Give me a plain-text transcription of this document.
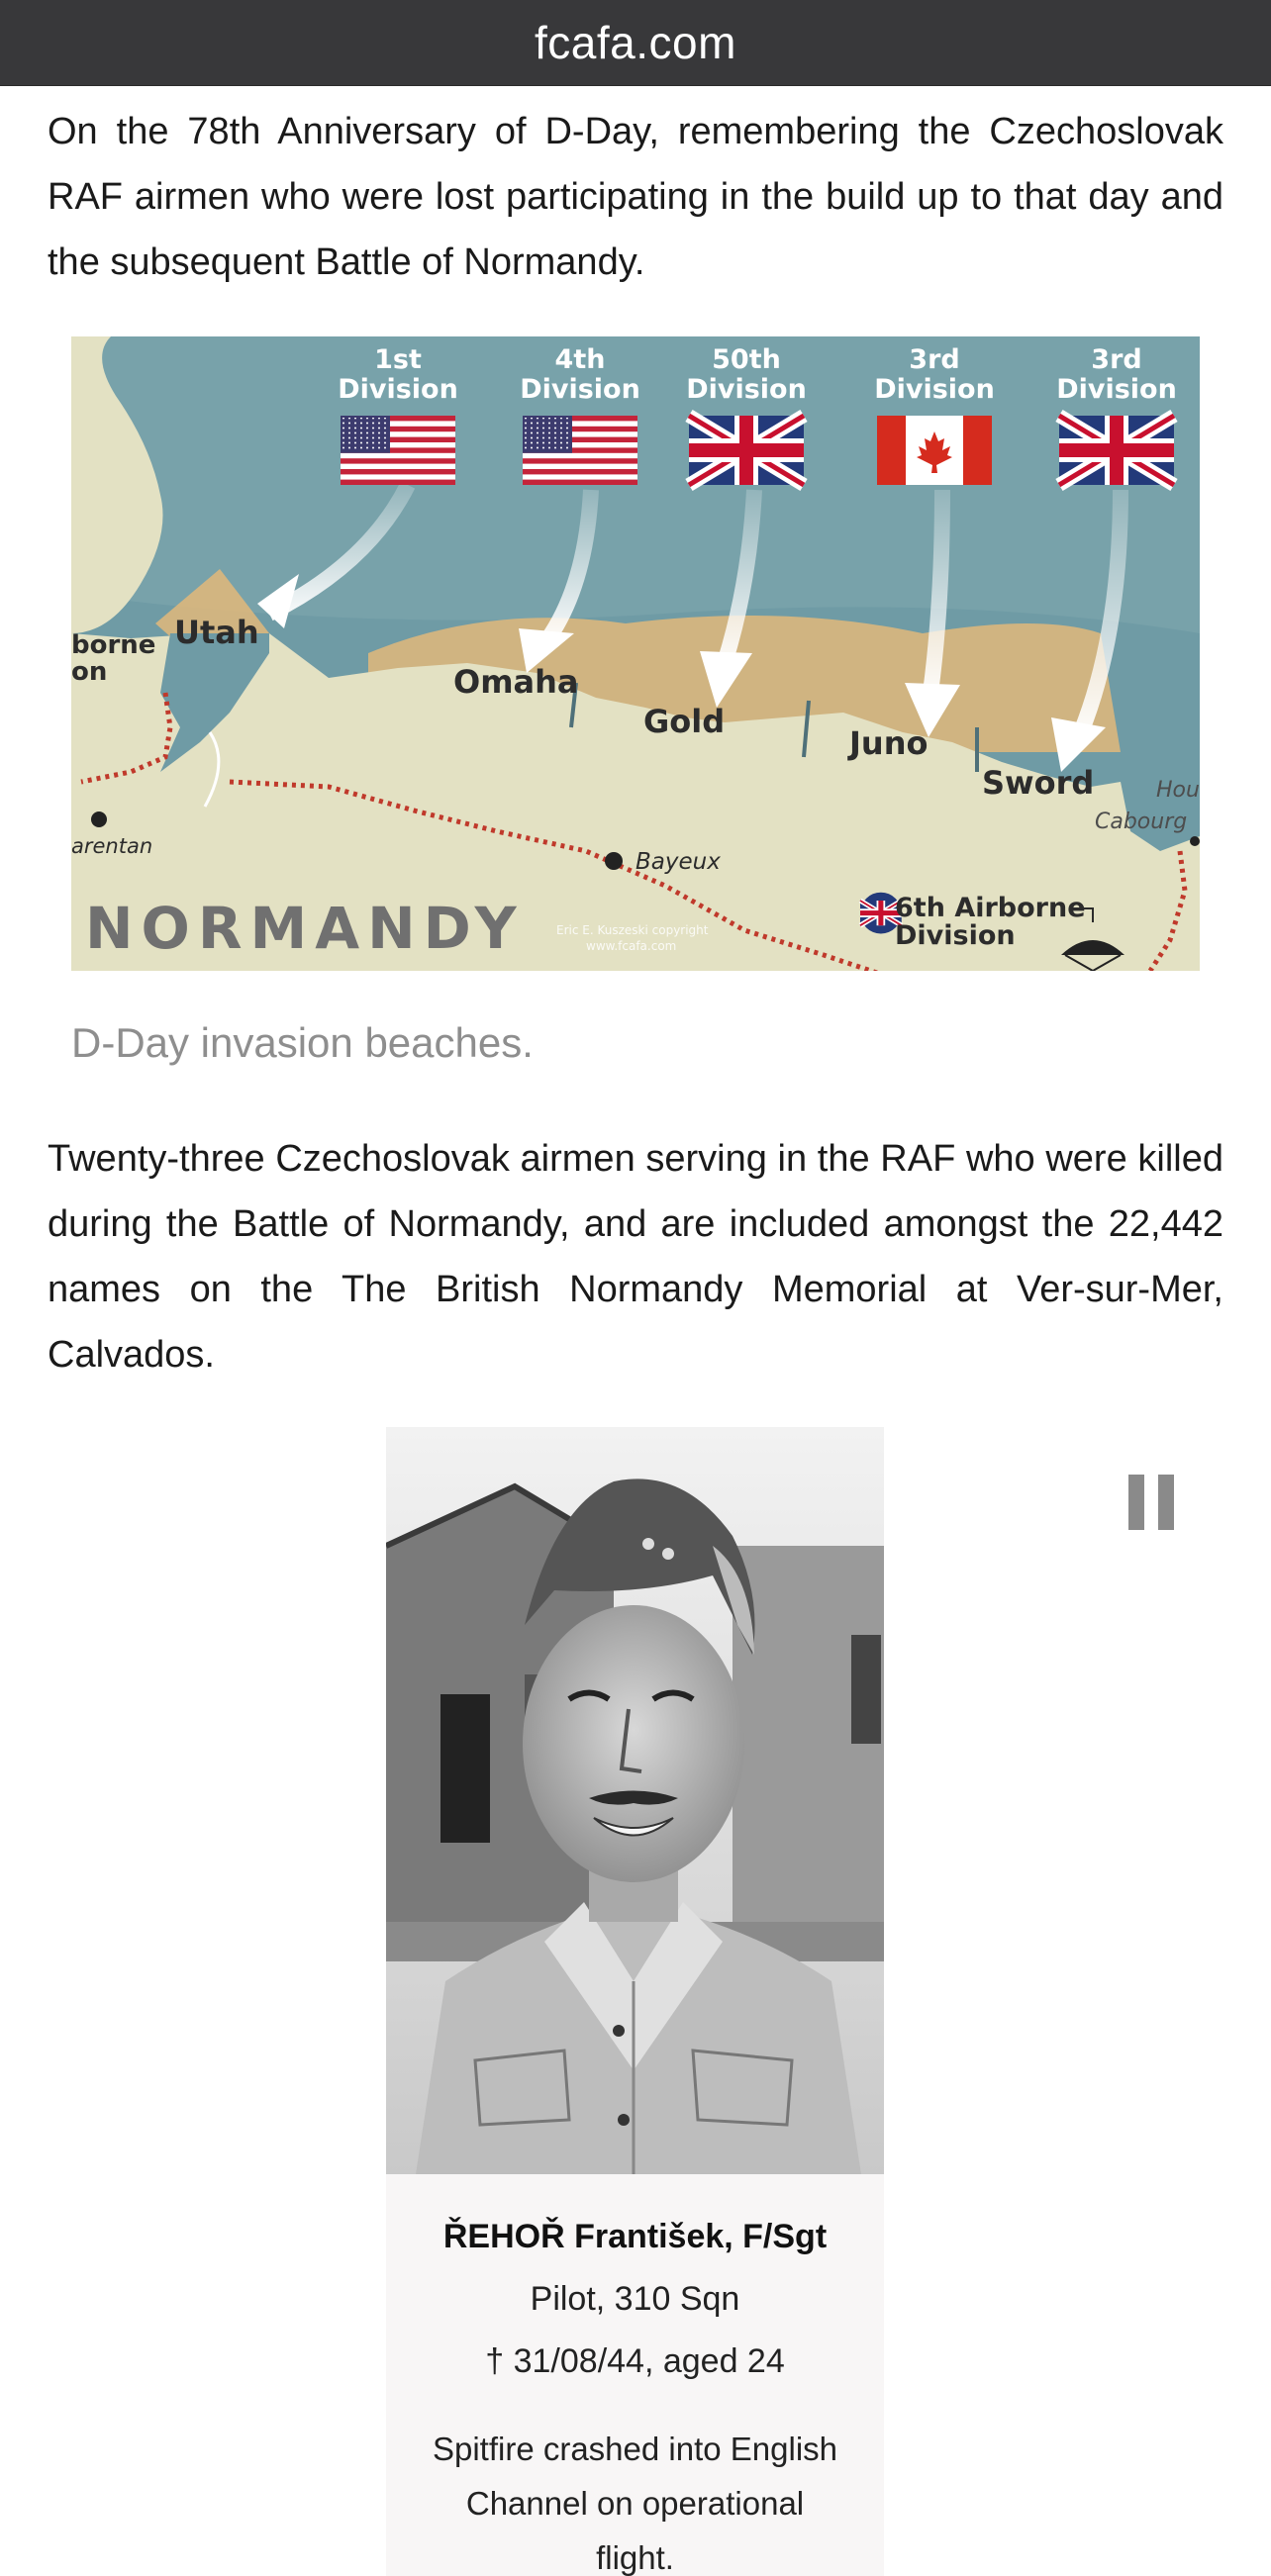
fcafa.com

On the 78th Anniversary of D-Day, remembering the Czechoslovak RAF airmen who were lost participating in the build up to that day and the subsequent Battle of Normandy.

1st
Division
4th
Division
50th
Division
3rd
Division
3rd
Division
Utah
Omaha
Gold
Juno
Sword
borne
on
arentan
Bayeux
Hou
Cabourg
NORMANDY	Eric E. Kuszeski copyright
www.fcafa.com
6th Airborne
Division
D-Day invasion beaches.

Twenty-three Czechoslovak airmen serving in the RAF who were killed during the Battle of Normandy, and are included amongst the 22,442 names on the The British Normandy Memorial at Ver-sur-Mer, Calvados.

ŘEHOŘ František, F/Sgt
Pilot, 310 Sqn
† 31/08/44, aged 24
Spitfire crashed into English Channel on operational flight.
